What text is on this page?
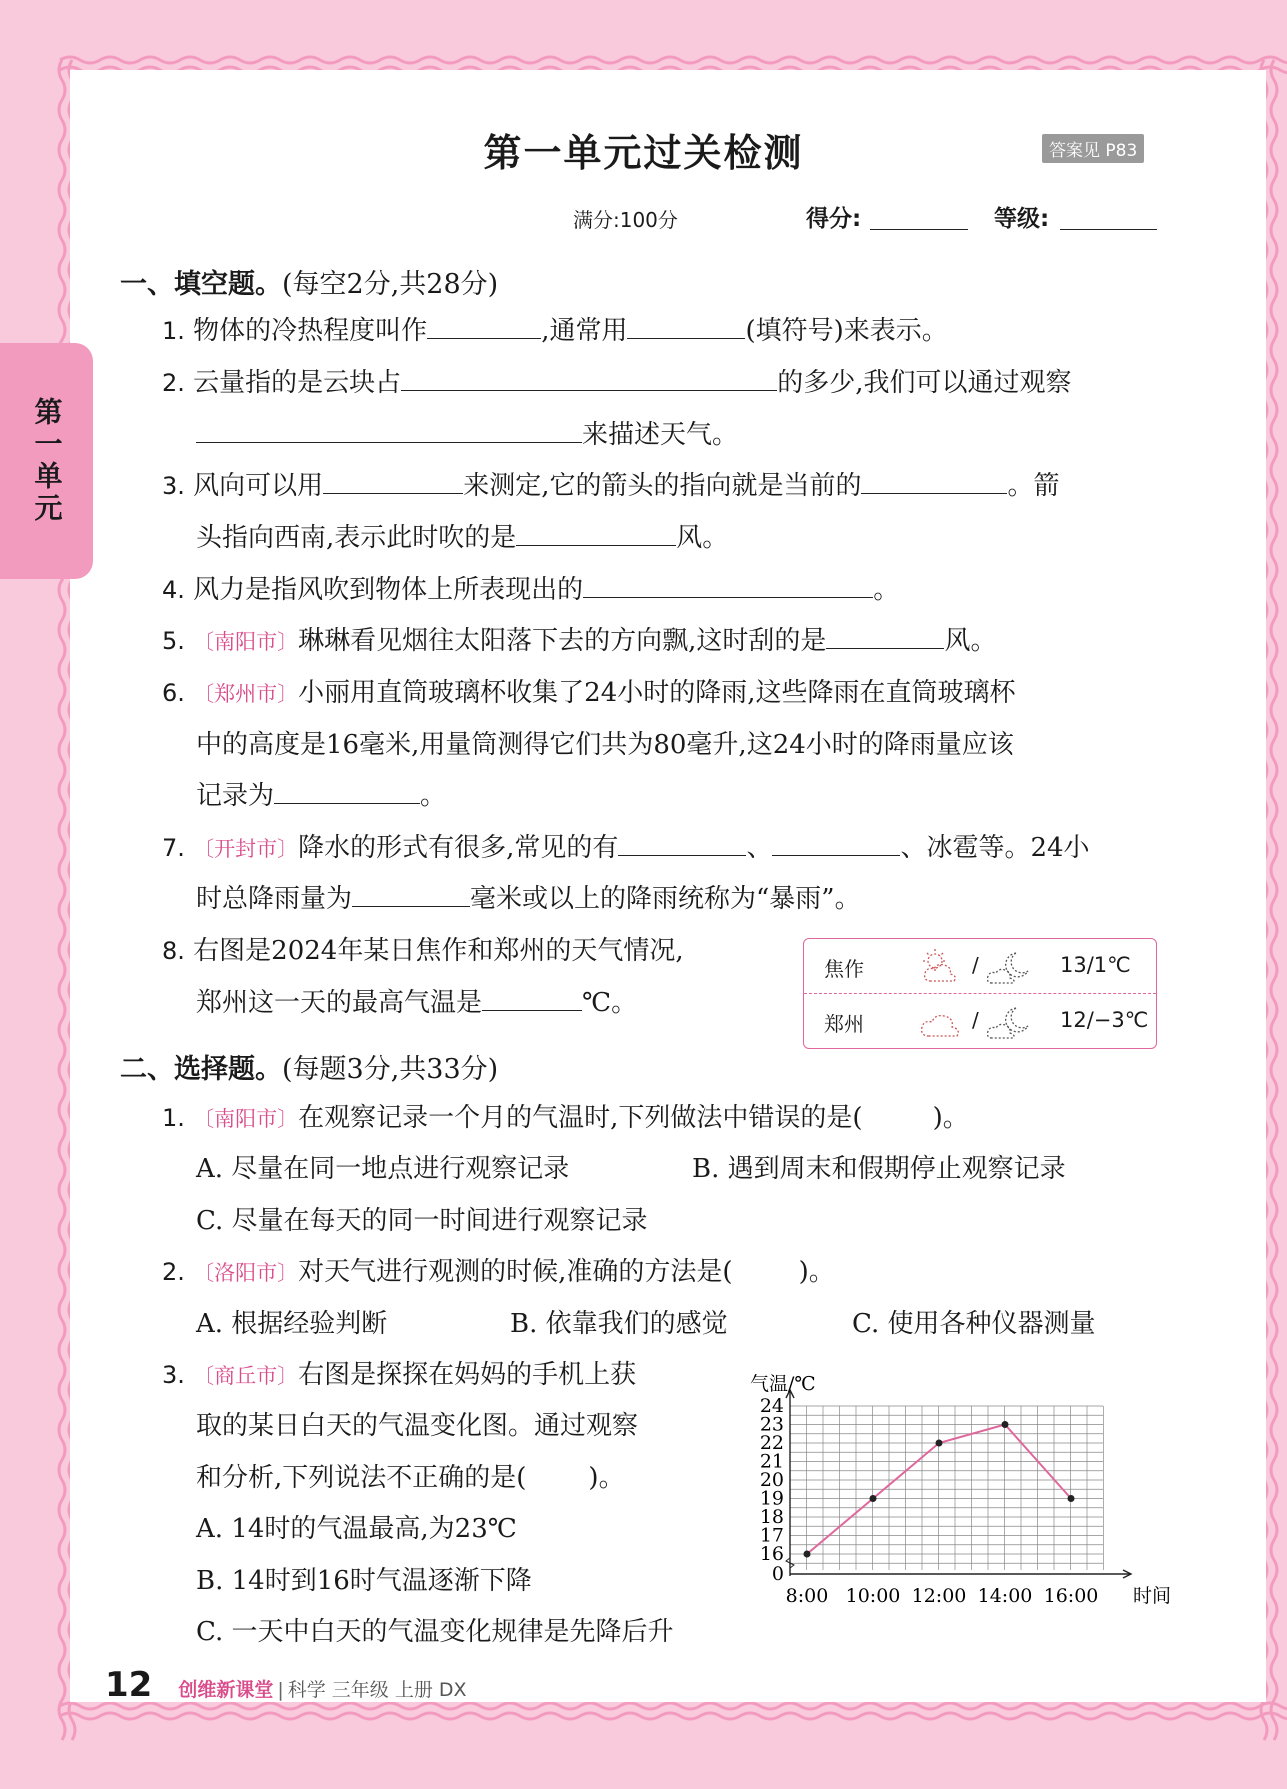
第一单元
第一单元过关检测	答案见 P83
满分:100分	得分:	等级:
一、填空题。(每空2分,共28分)
1. 物体的冷热程度叫作	,通常用	(填符号)来表示。
2. 云量指的是云块占	的多少,我们可以通过观察
来描述天气。
3. 风向可以用	来测定,它的箭头的指向就是当前的	。箭
头指向西南,表示此时吹的是	风。
4. 风力是指风吹到物体上所表现出的	。
5. 〔南阳市〕琳琳看见烟往太阳落下去的方向飘,这时刮的是	风。
6. 〔郑州市〕小丽用直筒玻璃杯收集了24小时的降雨,这些降雨在直筒玻璃杯
中的高度是16毫米,用量筒测得它们共为80毫升,这24小时的降雨量应该
记录为	。
7. 〔开封市〕降水的形式有很多,常见的有	、	、冰雹等。24小
时总降雨量为	毫米或以上的降雨统称为“暴雨”。
8. 右图是2024年某日焦作和郑州的天气情况,
郑州这一天的最高气温是	℃。
焦作	/	13/1℃
郑州	/	12/−3℃
二、选择题。(每题3分,共33分)
1. 〔南阳市〕在观察记录一个月的气温时,下列做法中错误的是(	)。
A. 尽量在同一地点进行观察记录	B. 遇到周末和假期停止观察记录
C. 尽量在每天的同一时间进行观察记录
2. 〔洛阳市〕对天气进行观测的时候,准确的方法是(	)。
A. 根据经验判断	B. 依靠我们的感觉	C. 使用各种仪器测量
3. 〔商丘市〕右图是探探在妈妈的手机上获
取的某日白天的气温变化图。通过观察
和分析,下列说法不正确的是( )。
A. 14时的气温最高,为23℃
B. 14时到16时气温逐渐下降
C. 一天中白天的气温变化规律是先降后升
0
16
17
18
19
20
21
22
23
24
气温/℃
8:00 10:00 12:00 14:00 16:00 时间
12 创维新课堂 | 科学 三年级 上册 DX
